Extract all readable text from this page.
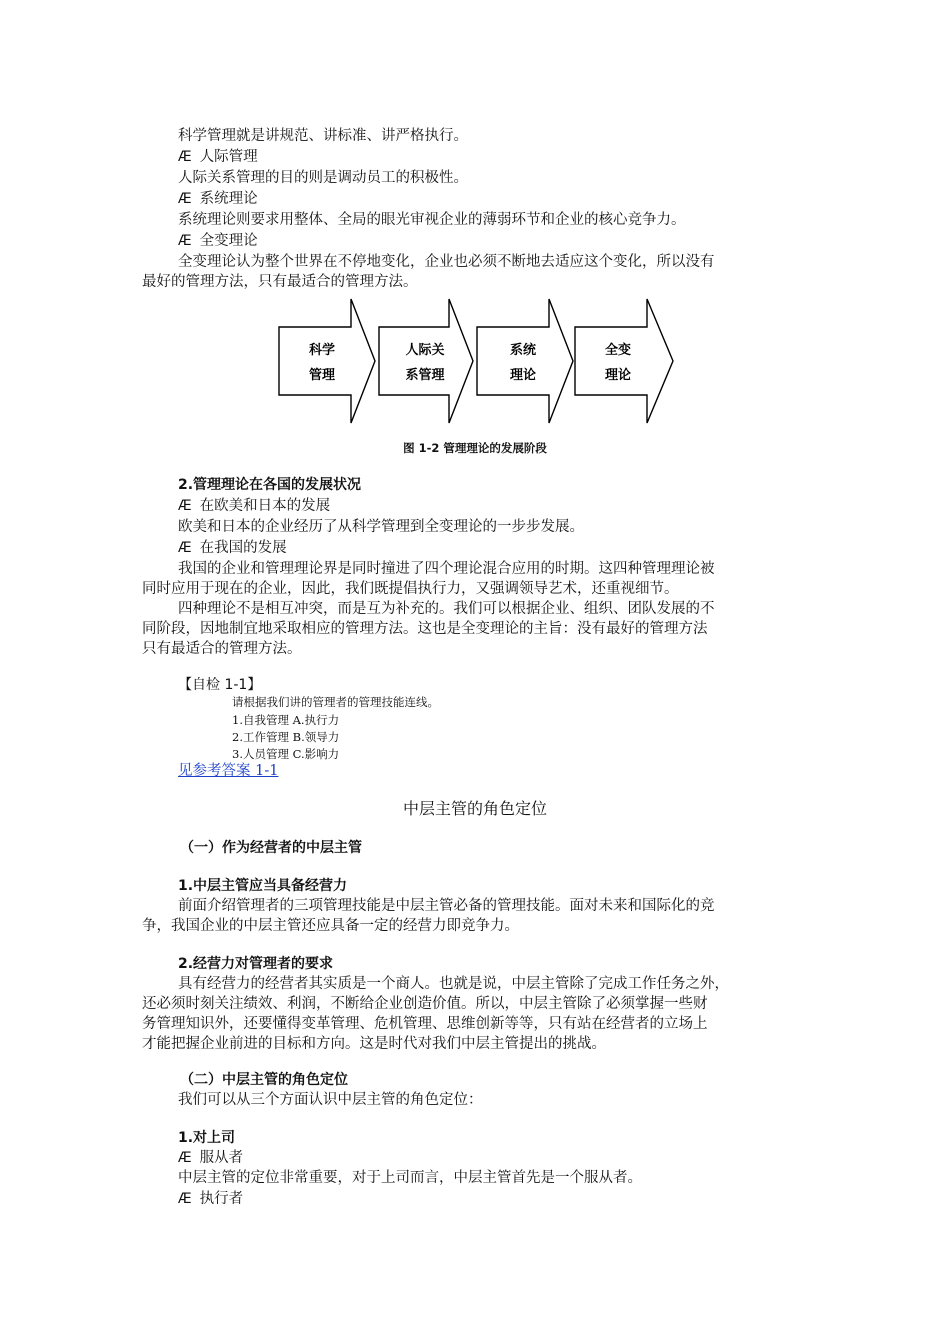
科学管理就是讲规范、讲标准、讲严格执行。
Æ 人际管理
人际关系管理的目的则是调动员工的积极性。
Æ 系统理论
系统理论则要求用整体、全局的眼光审视企业的薄弱环节和企业的核心竞争力。
Æ 全变理论
全变理论认为整个世界在不停地变化，企业也必须不断地去适应这个变化，所以没有
最好的管理方法，只有最适合的管理方法。
科学
管理
人际关
系管理
系统
理论
全变
理论
图 1-2 管理理论的发展阶段
2.管理理论在各国的发展状况
Æ 在欧美和日本的发展
欧美和日本的企业经历了从科学管理到全变理论的一步步发展。
Æ 在我国的发展
我国的企业和管理理论界是同时撞进了四个理论混合应用的时期。这四种管理理论被
同时应用于现在的企业，因此，我们既提倡执行力，又强调领导艺术，还重视细节。
四种理论不是相互冲突，而是互为补充的。我们可以根据企业、组织、团队发展的不
同阶段，因地制宜地采取相应的管理方法。这也是全变理论的主旨：没有最好的管理方法
只有最适合的管理方法。
【自检 1-1】
请根据我们讲的管理者的管理技能连线。
1.自我管理 A.执行力
2.工作管理 B.领导力
3.人员管理 C.影响力
见参考答案 1-1
中层主管的角色定位
（一）作为经营者的中层主管
1.中层主管应当具备经营力
前面介绍管理者的三项管理技能是中层主管必备的管理技能。面对未来和国际化的竞
争，我国企业的中层主管还应具备一定的经营力即竞争力。
2.经营力对管理者的要求
具有经营力的经营者其实质是一个商人。也就是说，中层主管除了完成工作任务之外，
还必须时刻关注绩效、利润，不断给企业创造价值。所以，中层主管除了必须掌握一些财
务管理知识外，还要懂得变革管理、危机管理、思维创新等等，只有站在经营者的立场上
才能把握企业前进的目标和方向。这是时代对我们中层主管提出的挑战。
（二）中层主管的角色定位
我们可以从三个方面认识中层主管的角色定位：
1.对上司
Æ 服从者
中层主管的定位非常重要，对于上司而言，中层主管首先是一个服从者。
Æ 执行者
